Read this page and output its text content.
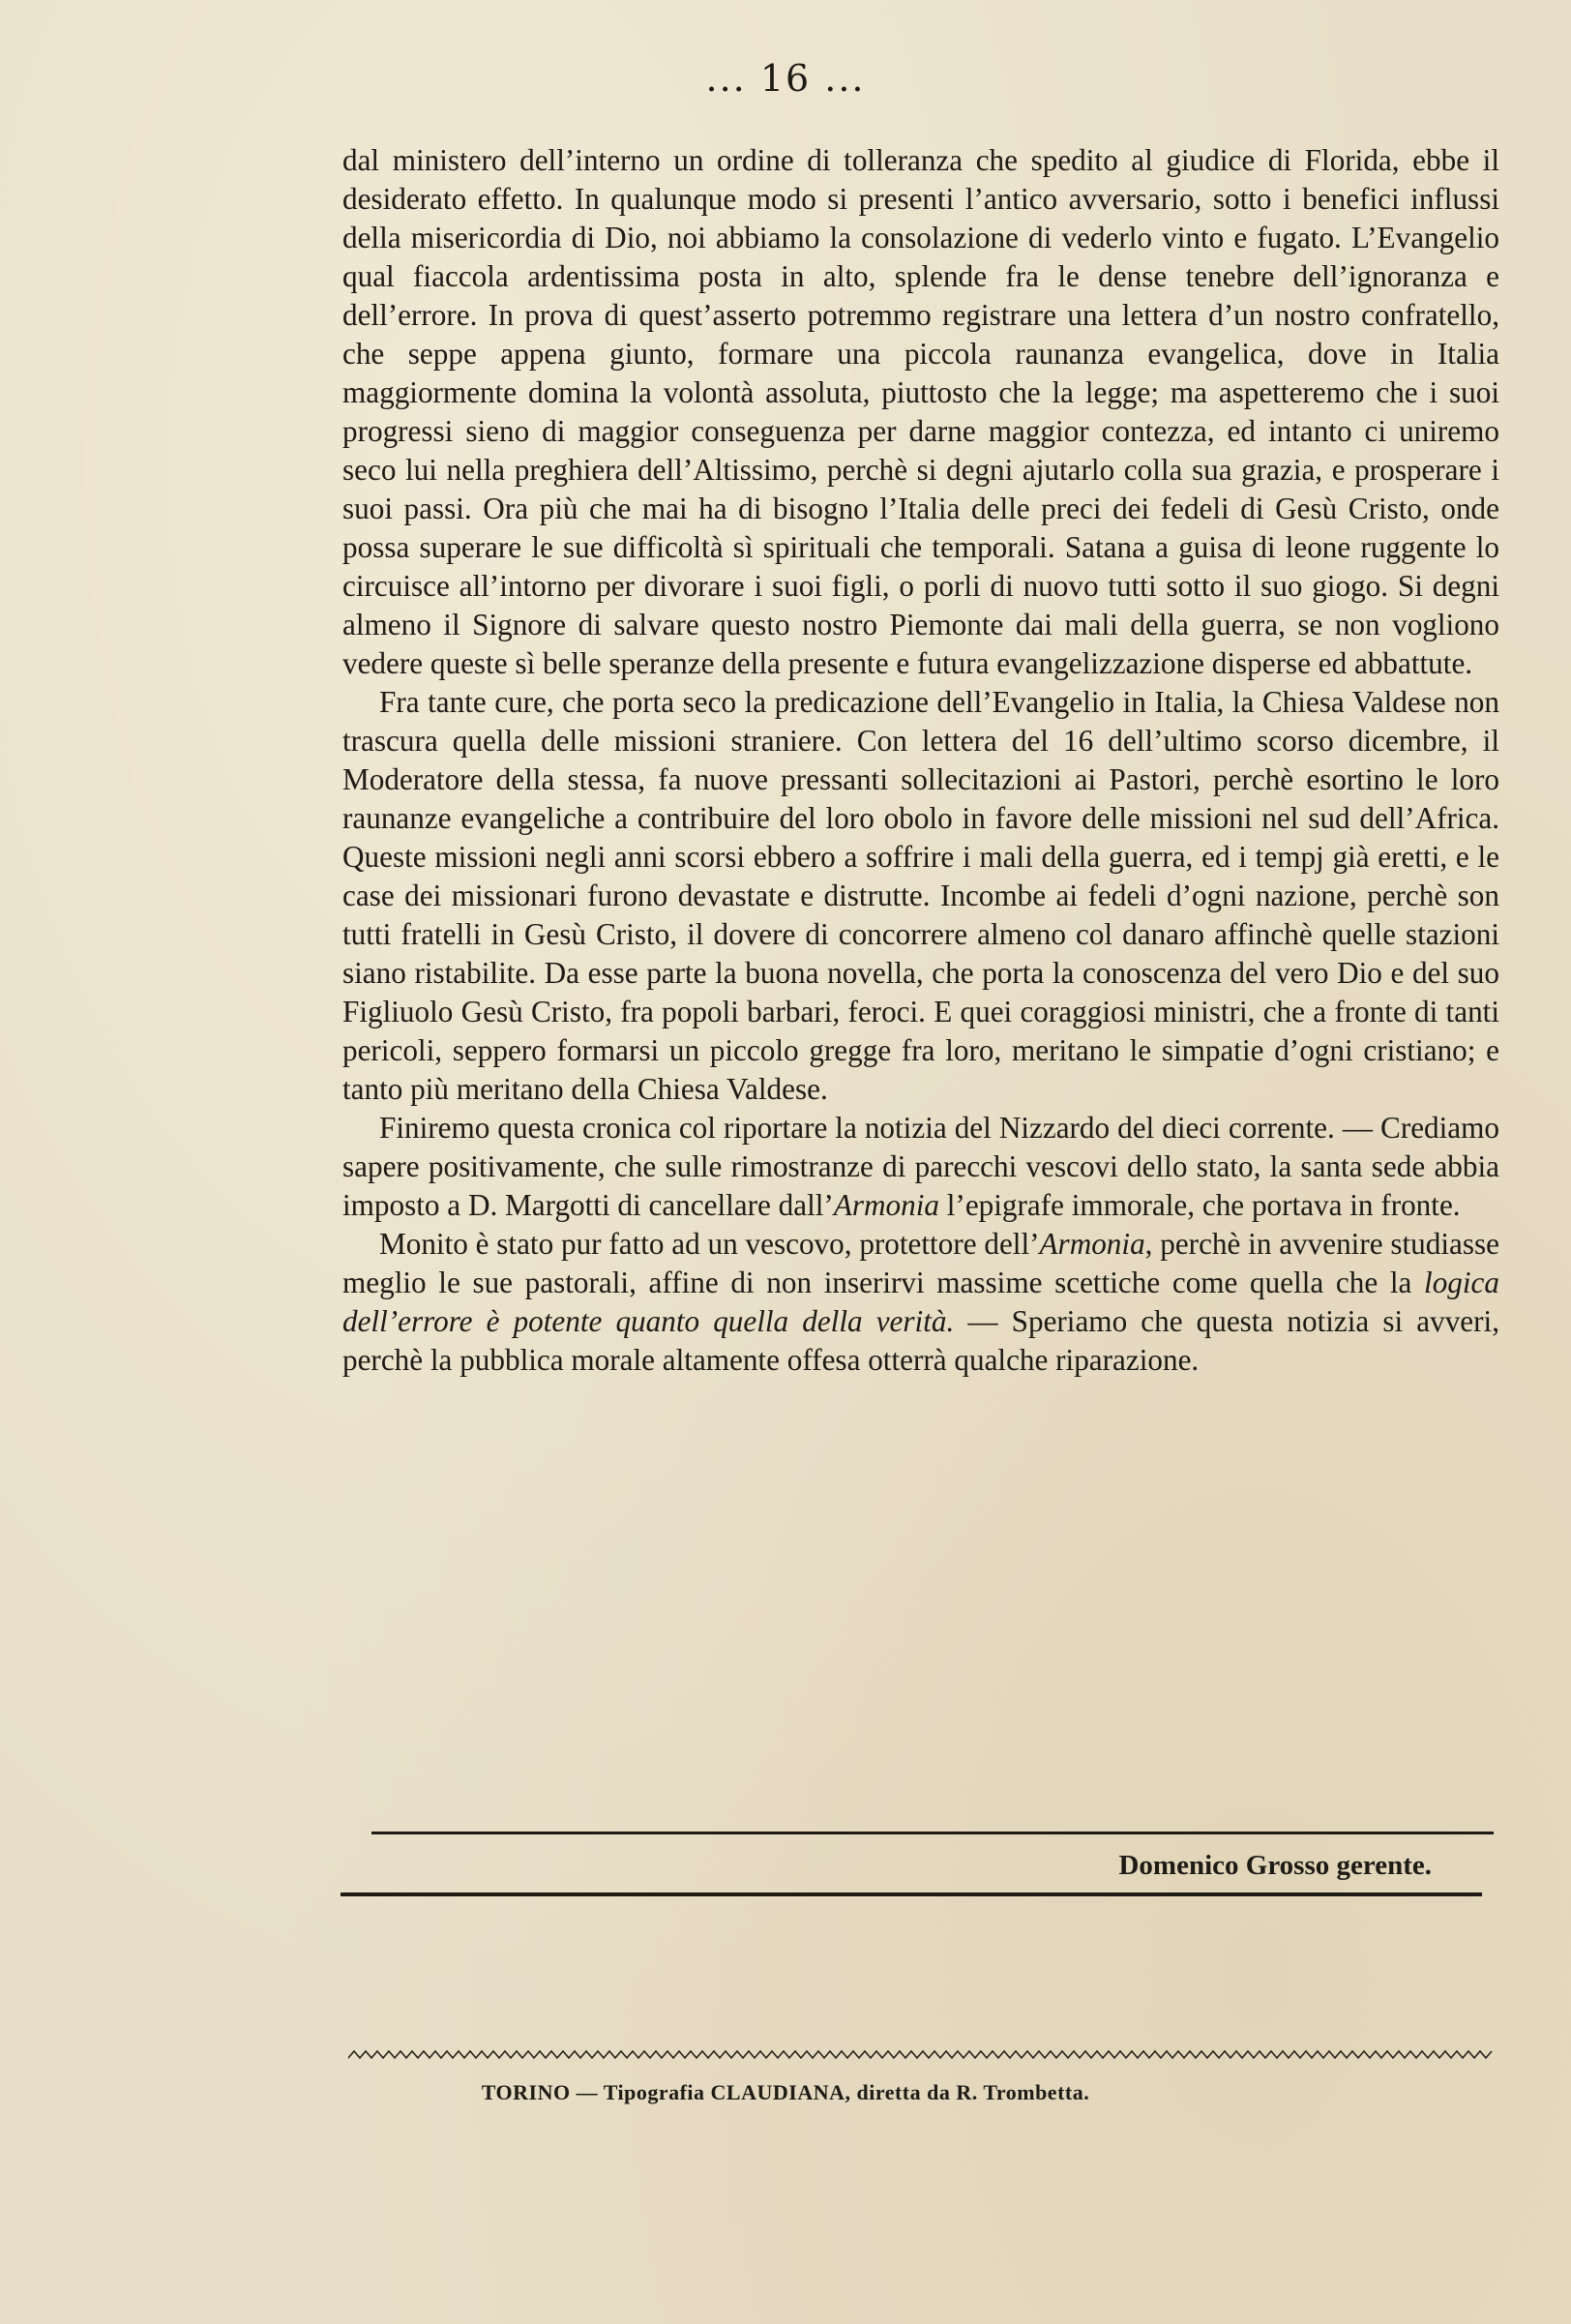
... 16 ...

dal ministero dell’interno un ordine di tolleranza che spedito al giudice di Florida, ebbe il desiderato effetto. In qualunque modo si presenti l’antico avversario, sotto i benefici influssi della misericordia di Dio, noi abbiamo la consolazione di vederlo vinto e fugato. L’Evangelio qual fiaccola ardentissima posta in alto, splende fra le dense tenebre dell’ignoranza e dell’errore. In prova di quest’asserto potremmo registrare una lettera d’un nostro confratello, che seppe appena giunto, formare una piccola raunanza evangelica, dove in Italia maggiormente domina la volontà assoluta, piuttosto che la legge; ma aspetteremo che i suoi progressi sieno di maggior conseguenza per darne maggior contezza, ed intanto ci uniremo seco lui nella preghiera dell’Altissimo, perchè si degni ajutarlo colla sua grazia, e prosperare i suoi passi. Ora più che mai ha di bisogno l’Italia delle preci dei fedeli di Gesù Cristo, onde possa superare le sue difficoltà sì spirituali che temporali. Satana a guisa di leone ruggente lo circuisce all’intorno per divorare i suoi figli, o porli di nuovo tutti sotto il suo giogo. Si degni almeno il Signore di salvare questo nostro Piemonte dai mali della guerra, se non vogliono vedere queste sì belle speranze della presente e futura evangelizzazione disperse ed abbattute.

Fra tante cure, che porta seco la predicazione dell’Evangelio in Italia, la Chiesa Valdese non trascura quella delle missioni straniere. Con lettera del 16 dell’ultimo scorso dicembre, il Moderatore della stessa, fa nuove pressanti sollecitazioni ai Pastori, perchè esortino le loro raunanze evangeliche a contribuire del loro obolo in favore delle missioni nel sud dell’Africa. Queste missioni negli anni scorsi ebbero a soffrire i mali della guerra, ed i tempj già eretti, e le case dei missionari furono devastate e distrutte. Incombe ai fedeli d’ogni nazione, perchè son tutti fratelli in Gesù Cristo, il dovere di concorrere almeno col danaro affinchè quelle stazioni siano ristabilite. Da esse parte la buona novella, che porta la conoscenza del vero Dio e del suo Figliuolo Gesù Cristo, fra popoli barbari, feroci. E quei coraggiosi ministri, che a fronte di tanti pericoli, seppero formarsi un piccolo gregge fra loro, meritano le simpatie d’ogni cristiano; e tanto più meritano della Chiesa Valdese.

Finiremo questa cronica col riportare la notizia del Nizzardo del dieci corrente. — Crediamo sapere positivamente, che sulle rimostranze di parecchi vescovi dello stato, la santa sede abbia imposto a D. Margotti di cancellare dall’Armonia l’epigrafe immorale, che portava in fronte.

Monito è stato pur fatto ad un vescovo, protettore dell’Armonia, perchè in avvenire studiasse meglio le sue pastorali, affine di non inserirvi massime scettiche come quella che la logica dell’errore è potente quanto quella della verità. — Speriamo che questa notizia si avveri, perchè la pubblica morale altamente offesa otterrà qualche riparazione.

Domenico Grosso gerente.
TORINO — Tipografia CLAUDIANA, diretta da R. Trombetta.
